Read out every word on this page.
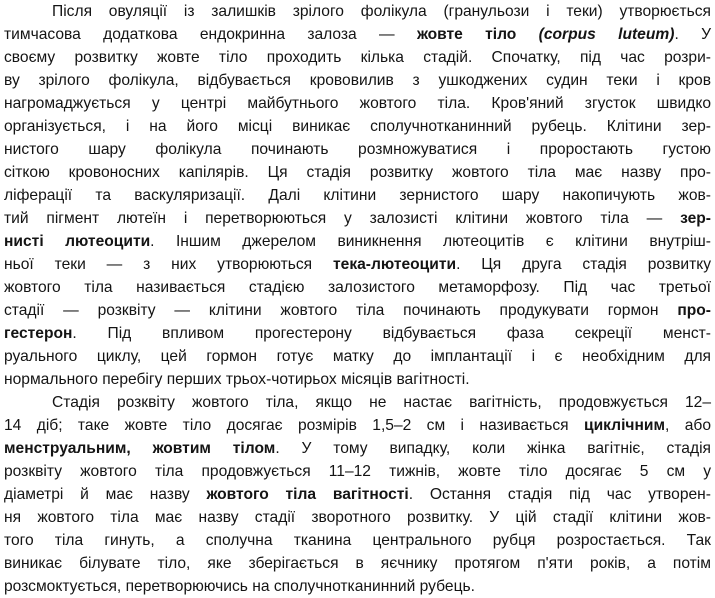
Після овуляції із залишків зрілого фолікула (гранульози і теки) утворюється
тимчасова додаткова ендокринна залоза — жовте тіло (corpus luteum). У
своєму розвитку жовте тіло проходить кілька стадій. Спочатку, під час розри-
ву зрілого фолікула, відбувається крововилив з ушкоджених судин теки і кров
нагромаджується у центрі майбутнього жовтого тіла. Кров'яний згусток швидко
організується, і на його місці виникає сполучнотканинний рубець. Клітини зер-
нистого шару фолікула починають розмножуватися і проростають густою
сіткою кровоносних капілярів. Ця стадія розвитку жовтого тіла має назву про-
ліферації та васкуляризації. Далі клітини зернистого шару накопичують жов-
тий пігмент лютеїн і перетворюються у залозисті клітини жовтого тіла — зер-
нисті лютеоцити. Іншим джерелом виникнення лютеоцитів є клітини внутріш-
ньої теки — з них утворюються тека-лютеоцити. Ця друга стадія розвитку
жовтого тіла називається стадією залозистого метаморфозу. Під час третьої
стадії — розквіту — клітини жовтого тіла починають продукувати гормон про-
гестерон. Під впливом прогестерону відбувається фаза секреції менст-
руального циклу, цей гормон готує матку до імплантації і є необхідним для
нормального перебігу перших трьох-чотирьох місяців вагітності.
Стадія розквіту жовтого тіла, якщо не настає вагітність, продовжується 12–
14 діб; таке жовте тіло досягає розмірів 1,5–2 см і називається циклічним, або
менструальним, жовтим тілом. У тому випадку, коли жінка вагітніє, стадія
розквіту жовтого тіла продовжується 11–12 тижнів, жовте тіло досягає 5 см у
діаметрі й має назву жовтого тіла вагітності. Остання стадія під час утворен-
ня жовтого тіла має назву стадії зворотного розвитку. У цій стадії клітини жов-
того тіла гинуть, а сполучна тканина центрального рубця розростається. Так
виникає білувате тіло, яке зберігається в яєчнику протягом п'яти років, а потім
розсмоктується, перетворюючись на сполучнотканинний рубець.
